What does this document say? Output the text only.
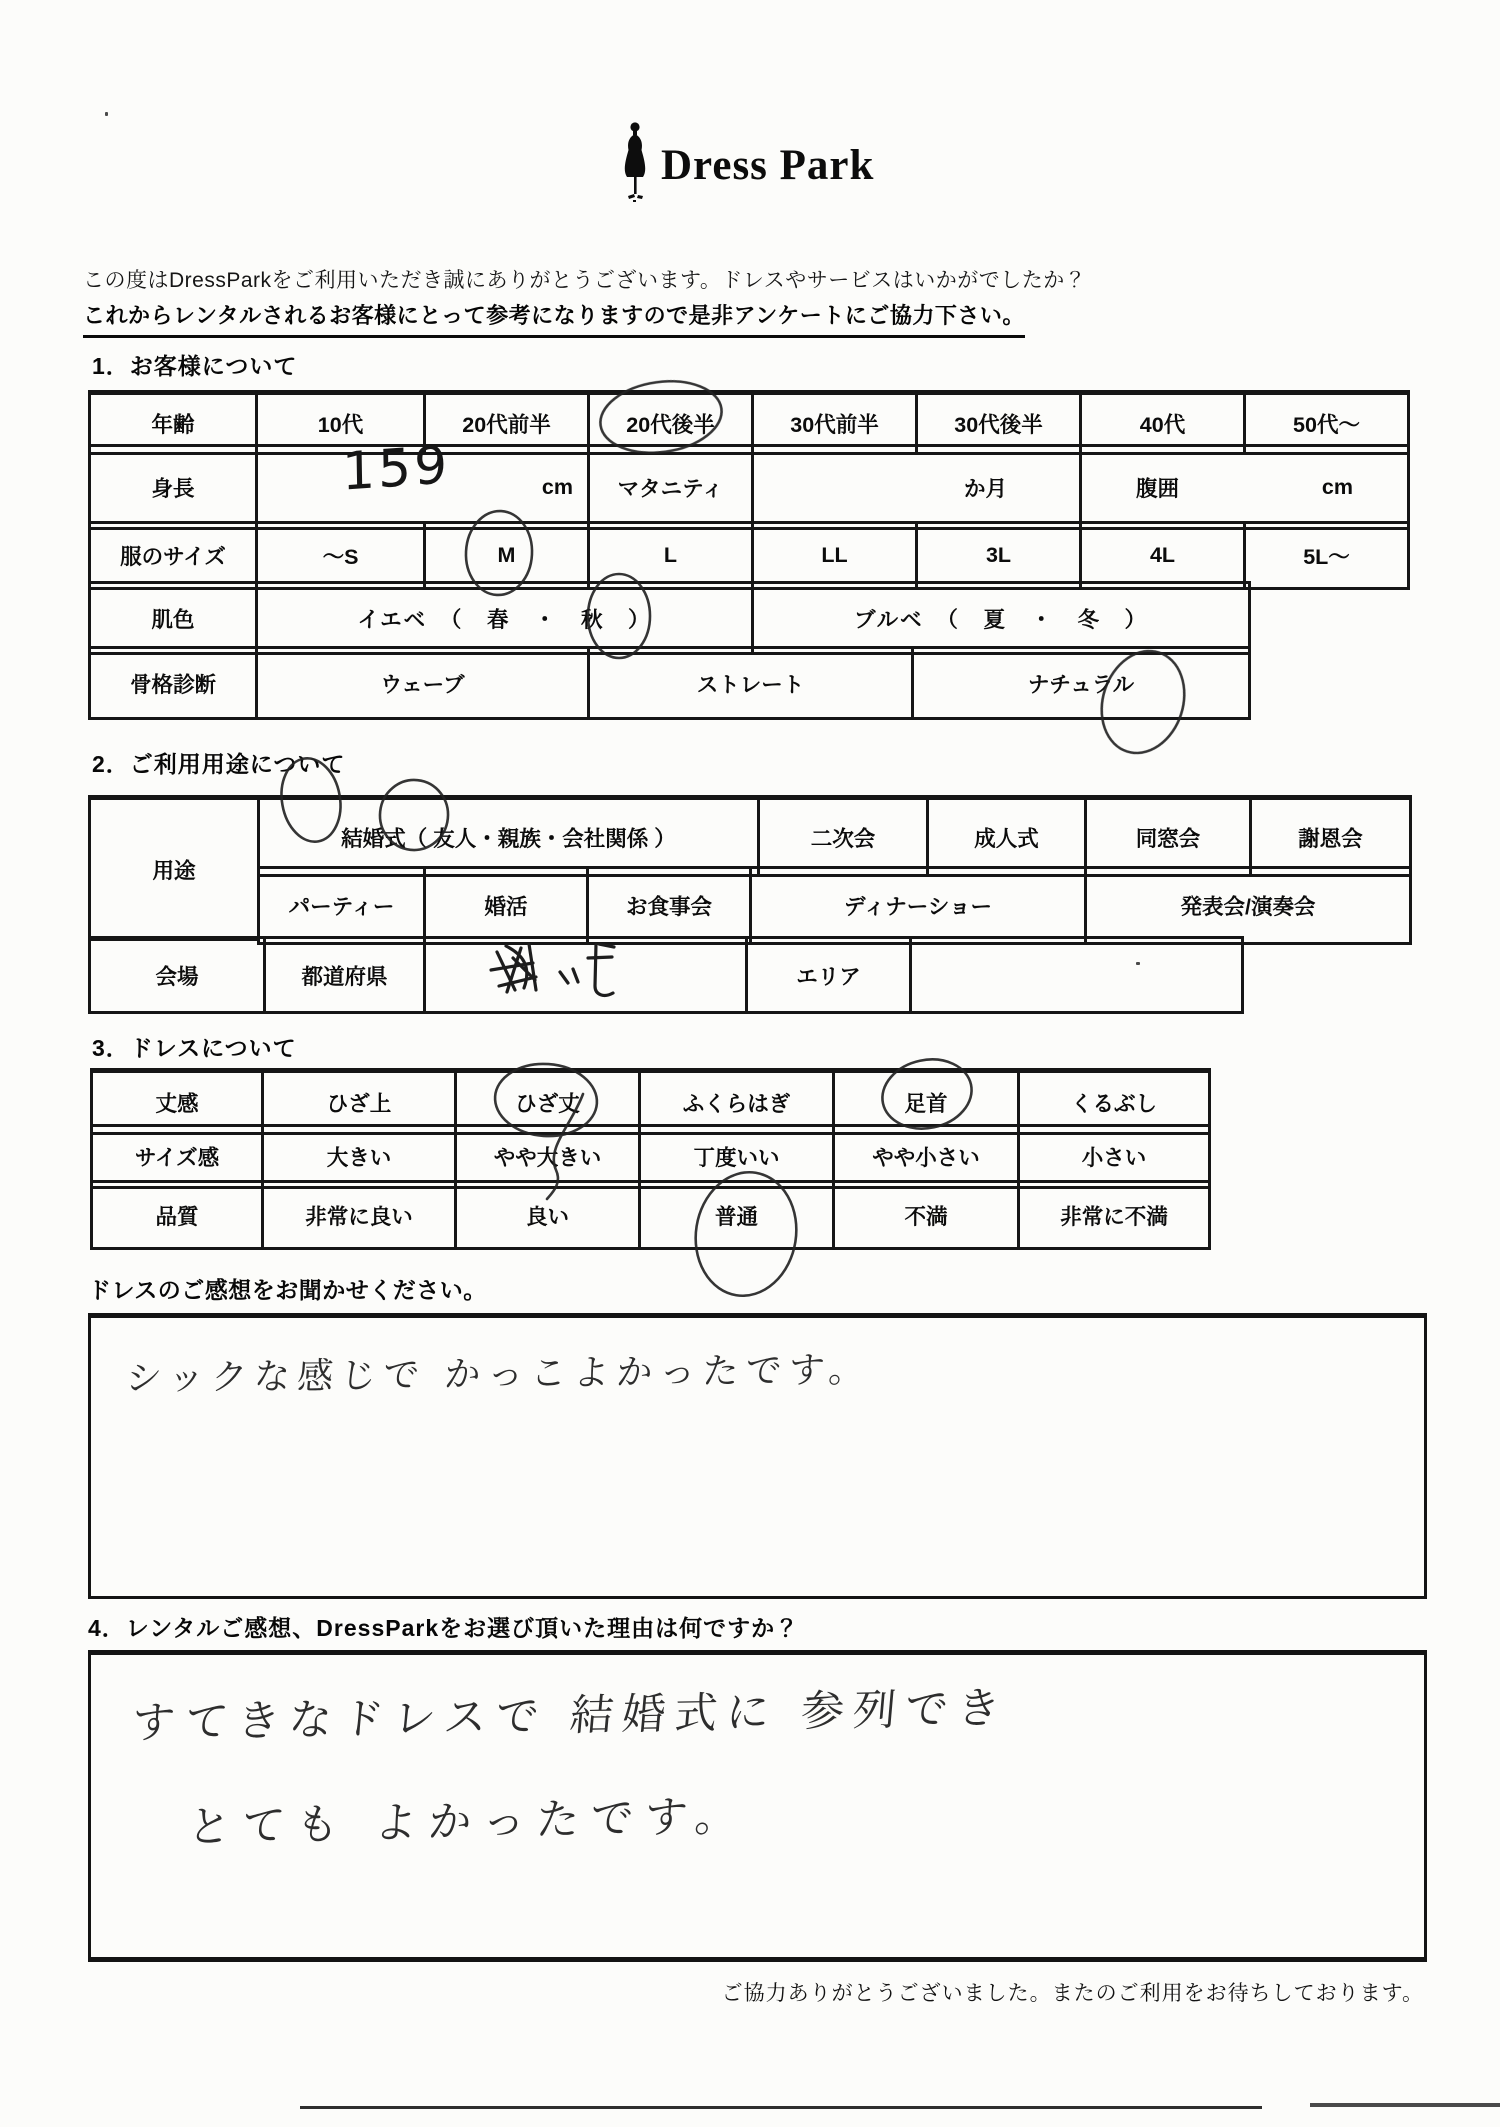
Dress Park
この度はDressParkをご利用いただき誠にありがとうございます。ドレスやサービスはいかがでしたか？
これからレンタルされるお客様にとって参考になりますので是非アンケートにご協力下さい。
1．お客様について
年齢	10代	20代前半	20代後半	30代前半	30代後半	40代	50代～
身長	159	cm	マタニティ	か月	腹囲	cm
服のサイズ	～S	M	L	LL	3L	4L	5L～
肌色	イエベ　（　春　・　秋　）	ブルベ　（　夏　・　冬　）
骨格診断	ウェーブ	ストレート	ナチュラル
2．ご利用用途について
用途
結婚式（ 友人・親族・会社関係 ）	二次会	成人式	同窓会	謝恩会
パーティー	婚活	お食事会	ディナーショー	発表会/演奏会
会場	都道府県	エリア
3．ドレスについて
丈感	ひざ上	ひざ丈	ふくらはぎ	足首	くるぶし
サイズ感	大きい	やや大きい	丁度いい	やや小さい	小さい
品質	非常に良い	良い	普通	不満	非常に不満
ドレスのご感想をお聞かせください。
シックな感じで かっこよかったです。
4．レンタルご感想、DressParkをお選び頂いた理由は何ですか？
すてきなドレスで 結婚式に 参列でき
とても よかったです。
ご協力ありがとうございました。またのご利用をお待ちしております。
